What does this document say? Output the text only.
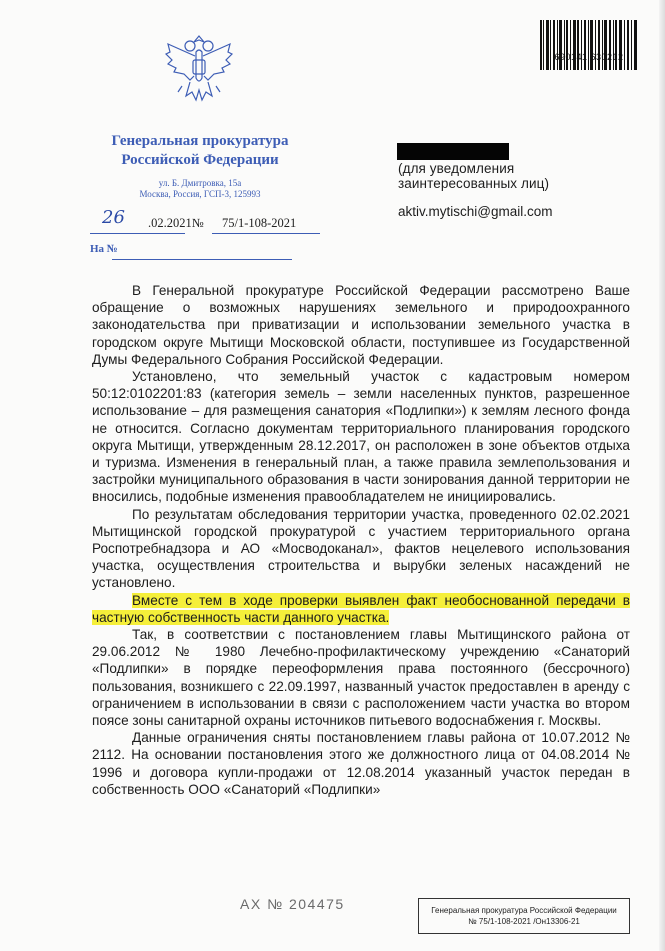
Генеральная прокуратура
Российской Федерации
ул. Б. Дмитровка, 15а
Москва, Россия, ГСП-3, 125993
26 .02.2021№ 75/1-108-2021
На №
(для уведомления
заинтересованных лиц)
aktiv.mytischi@gmail.com
690141 630212

В Генеральной прокуратуре Российской Федерации рассмотрено Ваше обращение о возможных нарушениях земельного и природоохранного законодательства при приватизации и использовании земельного участка в городском округе Мытищи Московской области, поступившее из Государственной Думы Федерального Собрания Российской Федерации.

Установлено, что земельный участок с кадастровым номером 50:12:0102201:83 (категория земель – земли населенных пунктов, разрешенное использование – для размещения санатория «Подлипки») к землям лесного фонда не относится. Согласно документам территориального планирования городского округа Мытищи, утвержденным 28.12.2017, он расположен в зоне объектов отдыха и туризма. Изменения в генеральный план, а также правила землепользования и застройки муниципального образования в части зонирования данной территории не вносились, подобные изменения правообладателем не инициировались.

По результатам обследования территории участка, проведенного 02.02.2021 Мытищинской городской прокуратурой с участием территориального органа Роспотребнадзора и АО «Мосводоканал», фактов нецелевого использования участка, осуществления строительства и вырубки зеленых насаждений не установлено.

Вместе с тем в ходе проверки выявлен факт необоснованной передачи в частную собственность части данного участка.

Так, в соответствии с постановлением главы Мытищинского района от 29.06.2012 № 1980 Лечебно-профилактическому учреждению «Санаторий «Подлипки» в порядке переоформления права постоянного (бессрочного) пользования, возникшего с 22.09.1997, названный участок предоставлен в аренду с ограничением в использовании в связи с расположением части участка во втором поясе зоны санитарной охраны источников питьевого водоснабжения г. Москвы.

Данные ограничения сняты постановлением главы района от 10.07.2012 № 2112. На основании постановления этого же должностного лица от 04.08.2014 № 1996 и договора купли-продажи от 12.08.2014 указанный участок передан в собственность ООО «Санаторий «Подлипки»

АХ № 204475	Генеральная прокуратура Российской Федерации
№ 75/1-108-2021 /Он13306-21
